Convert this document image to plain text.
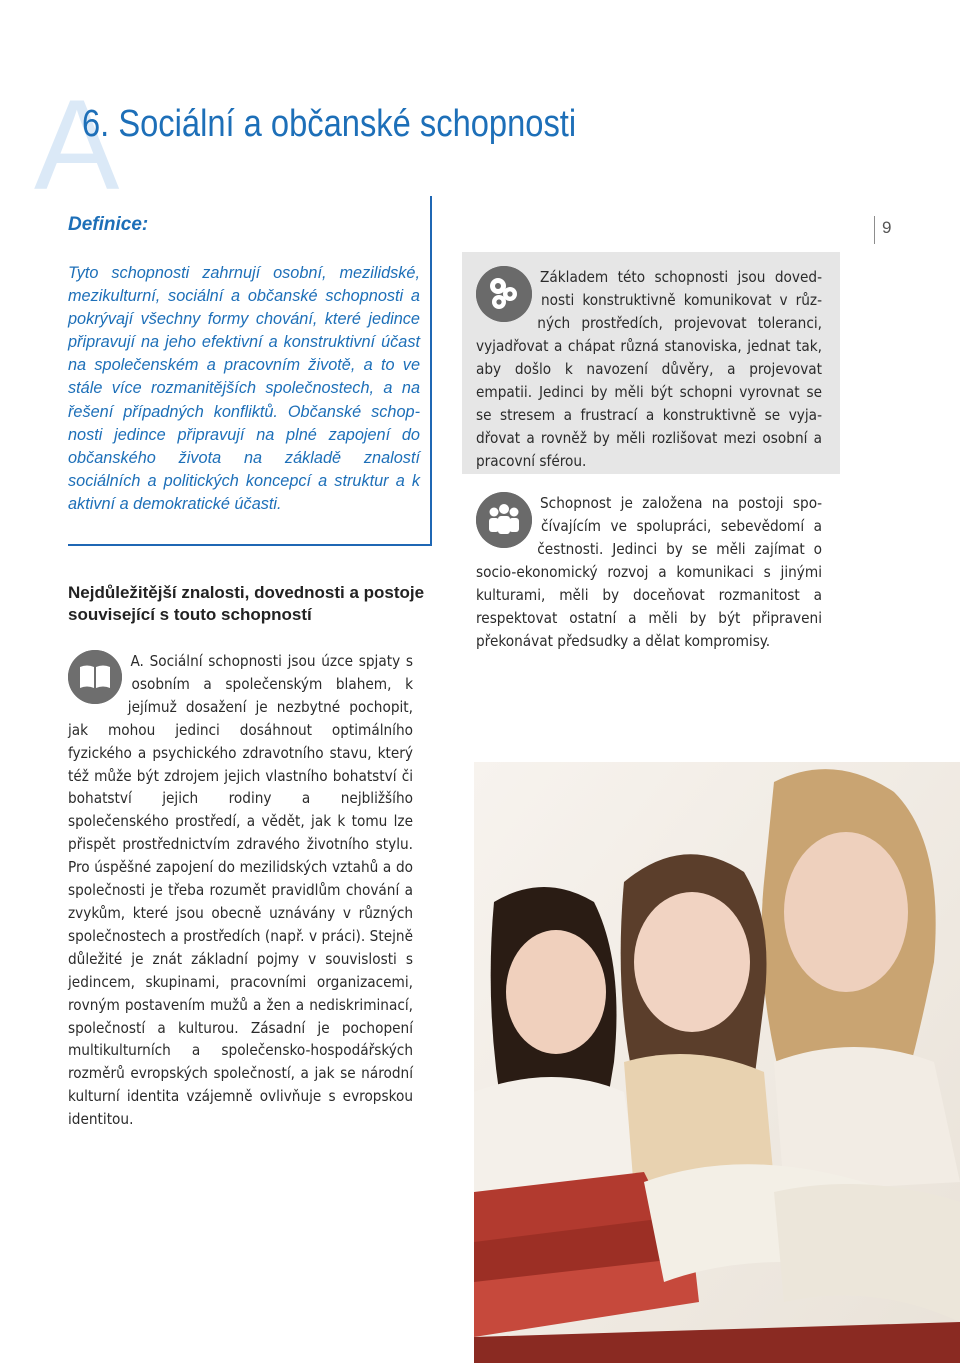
A
6. Sociální a občanské schopnosti
9
Definice:
Tyto schopnosti zahrnují osobní, mezilidské, mezikulturní, sociální a občanské schopnosti a pokrývají všechny formy chování, které jedince připravují na jeho efektivní a konstruktivní účast na společenském a pracovním životě, a to ve stále více rozmanitějších společnostech, a na řešení případných konfliktů. Občanské schopnosti jedince připravují na plné zapojení do občanského života na základě znalostí sociálních a politických koncepcí a struktur a k aktivní a demokratické účasti.
Nejdůležitější znalosti, dovednosti a postoje související s touto schopností
A. Sociální schopnosti jsou úzce spjaty s osobním a společenským blahem, k jejímuž dosažení je nezbytné pochopit, jak mohou jedinci dosáhnout optimálního fyzického a psychického zdravotního stavu, který též může být zdrojem jejich vlastního bohatství či bohatství jejich rodiny a nejbližšího společenského prostředí, a vědět, jak k tomu lze přispět prostřednictvím zdravého životního stylu. Pro úspěšné zapojení do mezilidských vztahů a do společnosti je třeba rozumět pravidlům chování a zvykům, které jsou obecně uznávány v různých společnostech a prostředích (např. v práci). Stejně důležité je znát základní pojmy v souvislosti s jedincem, skupinami, pracovními organizacemi, rovným postavením mužů a žen a nediskriminací, společností a kulturou. Zásadní je pochopení multikulturních a společensko-hospodářských rozměrů evropských společností, a jak se národní kulturní identita vzájemně ovlivňuje s evropskou identitou.
Základem této schopnosti jsou dovednosti konstruktivně komunikovat v různých prostředích, projevovat toleranci, vyjadřovat a chápat různá stanoviska, jednat tak, aby došlo k navození důvěry, a projevovat empatii. Jedinci by měli být schopni vyrovnat se se stresem a frustrací a konstruktivně se vyjadřovat a rovněž by měli rozlišovat mezi osobní a pracovní sférou.
Schopnost je založena na postoji spočívajícím ve spolupráci, sebevědomí a čestnosti. Jedinci by se měli zajímat o socio-ekonomický rozvoj a komunikaci s jinými kulturami, měli by doceňovat rozmanitost a respektovat ostatní a měli by být připraveni překonávat předsudky a dělat kompromisy.
